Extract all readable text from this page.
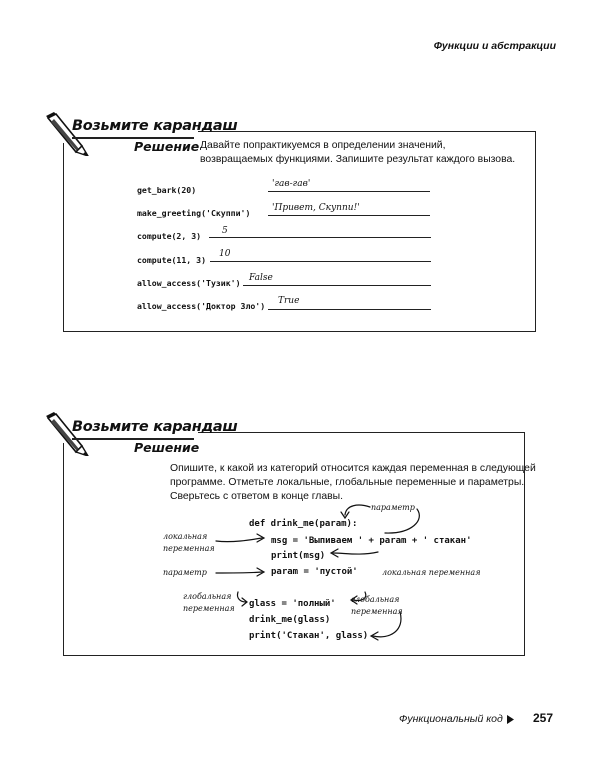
Функции и абстракции
Возьмите карандаш
Решение Давайте попрактикуемся в определении значений,
возвращаемых функциями. Запишите результат каждого вызова.
get_bark(20)
'гав-гав'
make_greeting('Скуппи') 'Привет, Скуппи!'
compute(2, 3) 5
compute(11, 3)
10
allow_access('Тузик') False
allow_access('Доктор Зло') True
Возьмите карандаш
Решение
Опишите, к какой из категорий относится каждая переменная в следующей
программе. Отметьте локальные, глобальные переменные и параметры.
Сверьтесь с ответом в конце главы.
def drink_me(param):
msg = 'Выпиваем ' + param + ' стакан'
print(msg)
param = 'пустой'
glass = 'полный'
drink_me(glass)
print('Стакан', glass)
параметр
локальная
переменная
параметр	локальная переменная
глобальная
переменная
глобальная
переменная
Функциональный код	257
